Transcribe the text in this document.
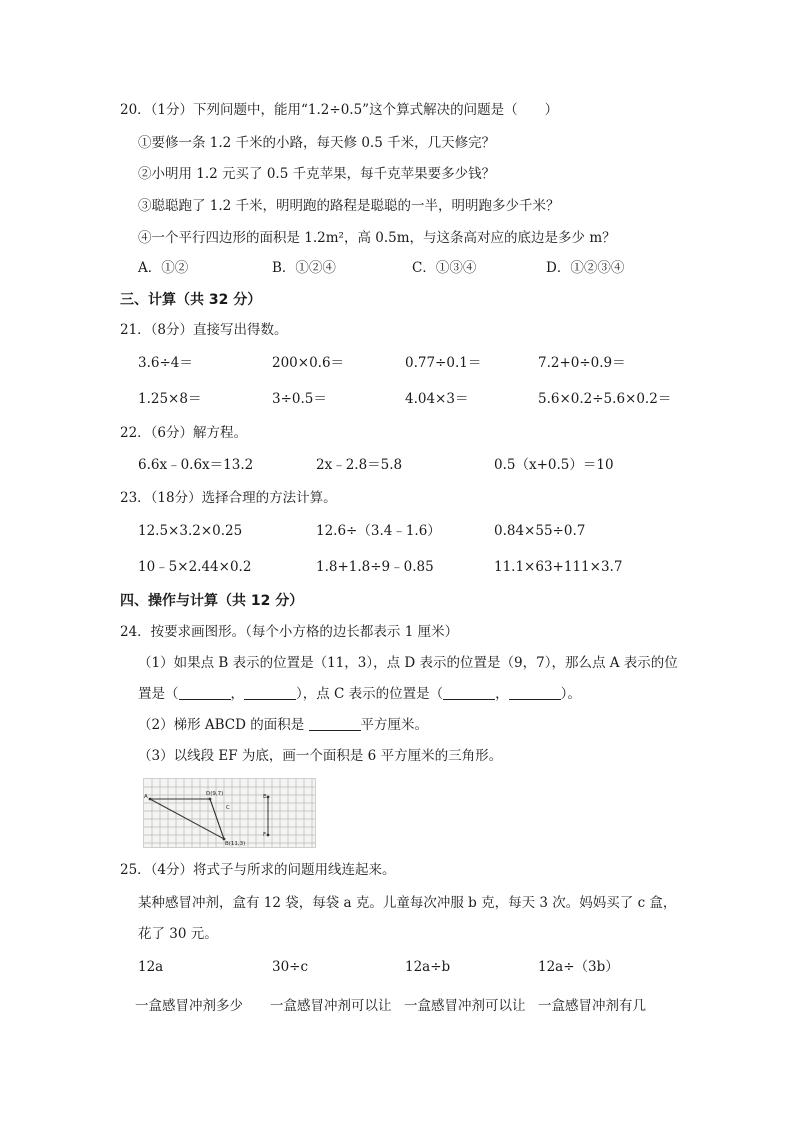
20．（1分）下列问题中，能用“1.2÷0.5”这个算式解决的问题是（　　）
①要修一条 1.2 千米的小路，每天修 0.5 千米，几天修完？
②小明用 1.2 元买了 0.5 千克苹果，每千克苹果要多少钱？
③聪聪跑了 1.2 千米，明明跑的路程是聪聪的一半，明明跑多少千米？
④一个平行四边形的面积是 1.2m²，高 0.5m，与这条高对应的底边是多少 m？
A．①②	B．①②④	C．①③④	D．①②③④
三、计算（共 32 分）
21．（8分）直接写出得数。
3.6÷4＝	200×0.6＝	0.77÷0.1＝	7.2+0÷0.9＝
1.25×8＝	3÷0.5＝	4.04×3＝	5.6×0.2÷5.6×0.2＝
22．（6分）解方程。
6.6x﹣0.6x＝13.2	2x﹣2.8＝5.8	0.5（x+0.5）＝10
23．（18分）选择合理的方法计算。
12.5×3.2×0.25	12.6÷（3.4﹣1.6）	0.84×55÷0.7
10﹣5×2.44×0.2	1.8+1.8÷9﹣0.85	11.1×63+111×3.7
四、操作与计算（共 12 分）
24．按要求画图形。（每个小方格的边长都表示 1 厘米）
（1）如果点 B 表示的位置是（11，3），点 D 表示的位置是（9，7），那么点 A 表示的位
置是（	，	），点 C 表示的位置是（	，	）。
（2）梯形 ABCD 的面积是	平方厘米。
（3）以线段 EF 为底，画一个面积是 6 平方厘米的三角形。
A	D(9,7)
C
B(11,3)
E
F
25．（4分）将式子与所求的问题用线连起来。
某种感冒冲剂，盒有 12 袋，每袋 a 克。儿童每次冲服 b 克，每天 3 次。妈妈买了 c 盒，
花了 30 元。
12a	30÷c	12a÷b	12a÷（3b）
一盒感冒冲剂多少 一盒感冒冲剂可以让 一盒感冒冲剂可以让 一盒感冒冲剂有几
